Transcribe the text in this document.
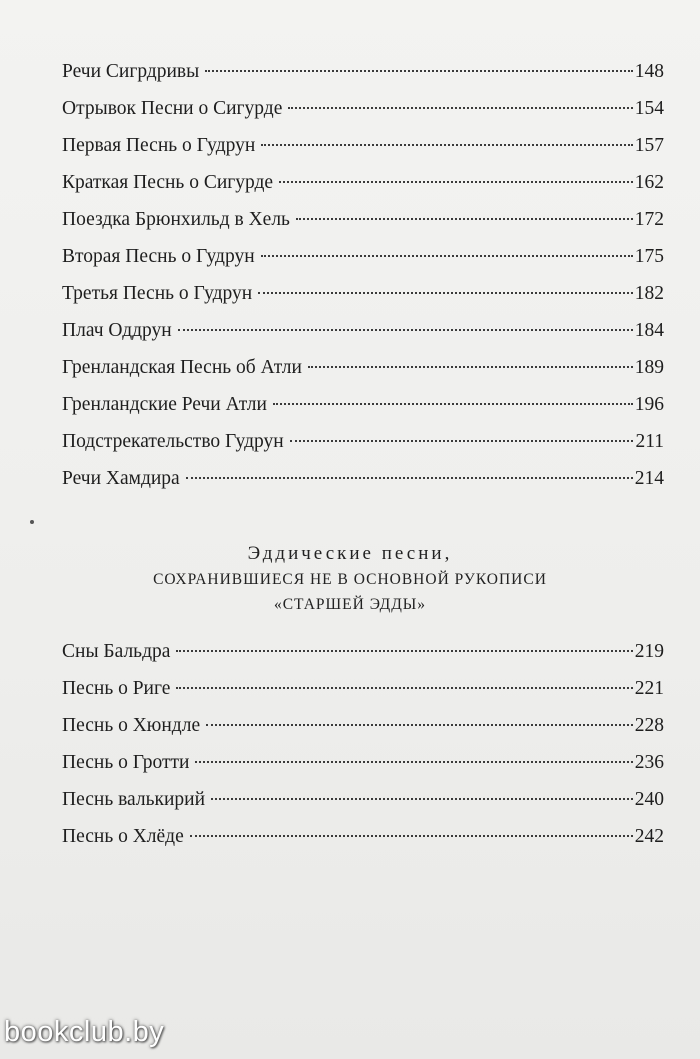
Речи Сигрдривы	148
Отрывок Песни о Сигурде	154
Первая Песнь о Гудрун	157
Краткая Песнь о Сигурде	162
Поездка Брюнхильд в Хель	172
Вторая Песнь о Гудрун	175
Третья Песнь о Гудрун	182
Плач Оддрун	184
Гренландская Песнь об Атли	189
Гренландские Речи Атли	196
Подстрекательство Гудрун	211
Речи Хамдира	214
Эддические песни,
СОХРАНИВШИЕСЯ НЕ В ОСНОВНОЙ РУКОПИСИ
«СТАРШЕЙ ЭДДЫ»
Сны Бальдра	219
Песнь о Риге	221
Песнь о Хюндле	228
Песнь о Гротти	236
Песнь валькирий	240
Песнь о Хлёде	242
bookclub.by
